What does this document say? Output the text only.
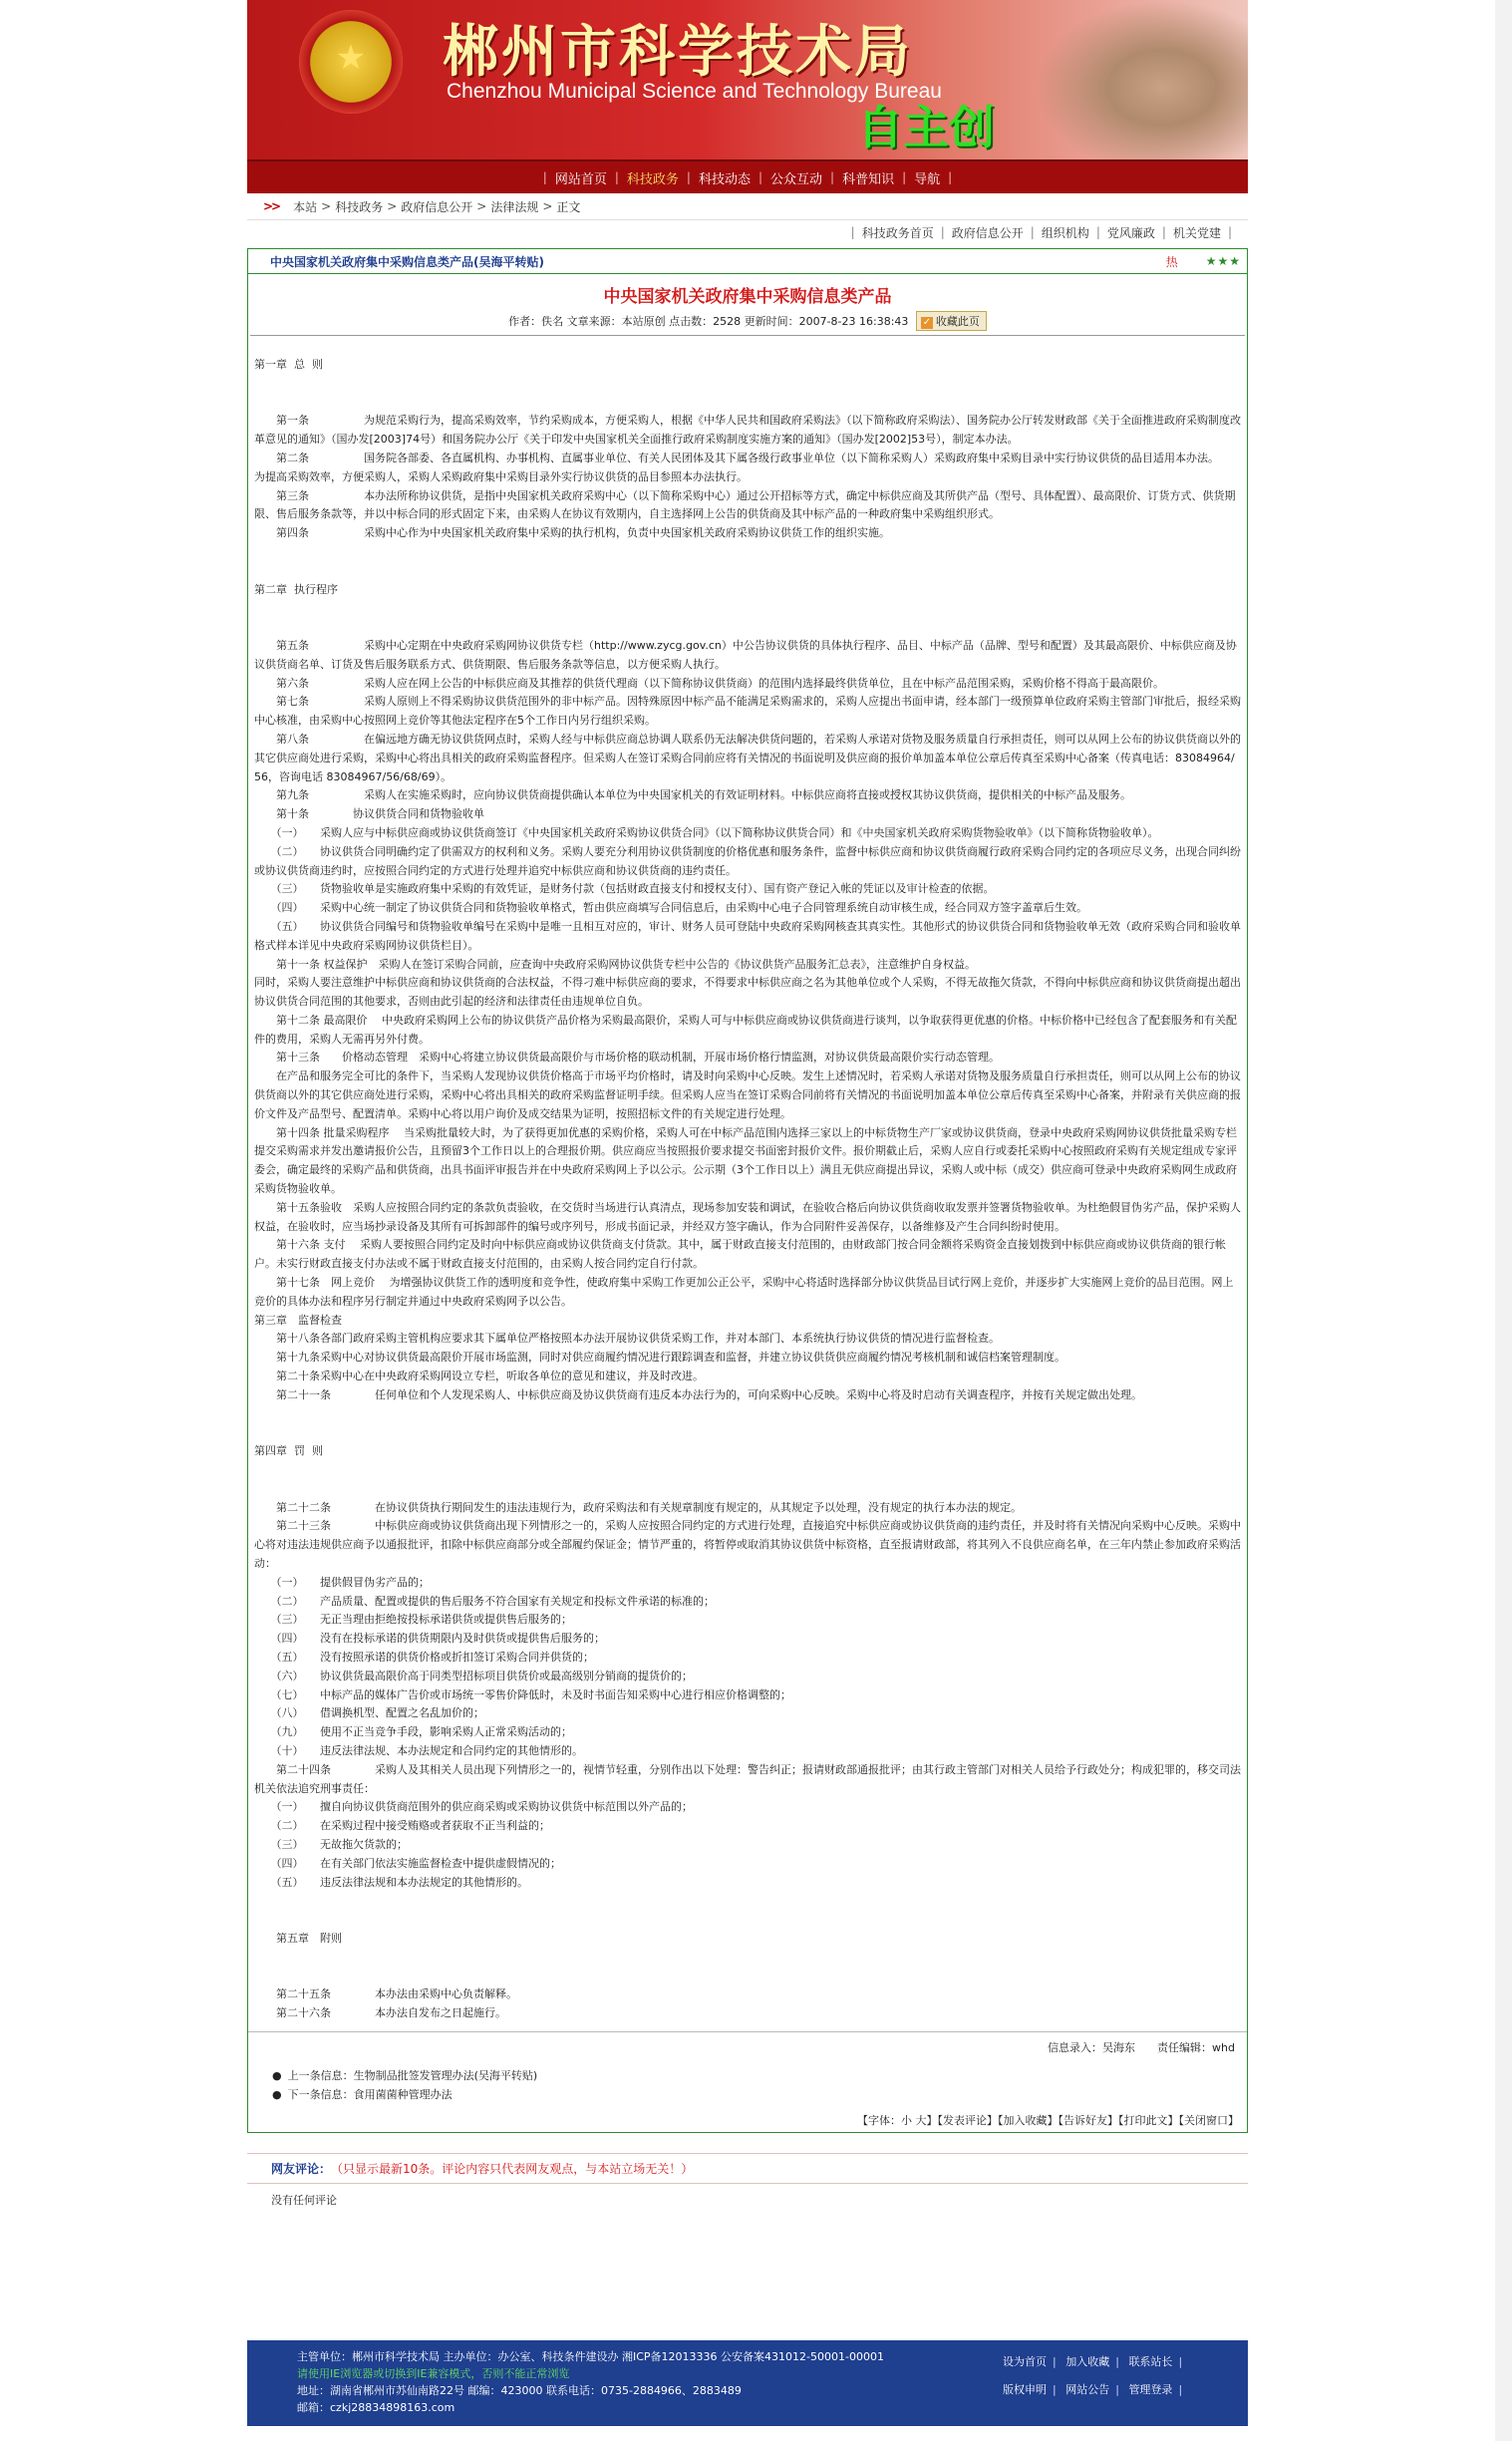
★	郴州市科学技术局
Chenzhou Municipal Science and Technology Bureau
自主创
| 网站首页 | 科技政务 | 科技动态 | 公众互动 | 科普知识 | 导航 |
>> 本站 > 科技政务 > 政府信息公开 > 法律法规 > 正文
| 科技政务首页 | 政府信息公开 | 组织机构 | 党风廉政 | 机关党建 |
中央国家机关政府集中采购信息类产品(吴海平转贴)	热 ★★★
中央国家机关政府集中采购信息类产品
作者：佚名 文章来源：本站原创 点击数：2528 更新时间：2007-8-23 16:38:43 ✓ 收藏此页

第一章  总  则

　　第一条　　　　　为规范采购行为，提高采购效率，节约采购成本，方便采购人，根据《中华人民共和国政府采购法》（以下简称政府采购法）、国务院办公厅转发财政部《关于全面推进政府采购制度改革意见的通知》（国办发[2003]74号）和国务院办公厅《关于印发中央国家机关全面推行政府采购制度实施方案的通知》（国办发[2002]53号），制定本办法。

　　第二条　　　　　国务院各部委、各直属机构、办事机构、直属事业单位、有关人民团体及其下属各级行政事业单位（以下简称采购人）采购政府集中采购目录中实行协议供货的品目适用本办法。

为提高采购效率，方便采购人，采购人采购政府集中采购目录外实行协议供货的品目参照本办法执行。

　　第三条　　　　　本办法所称协议供货，是指中央国家机关政府采购中心（以下简称采购中心）通过公开招标等方式，确定中标供应商及其所供产品（型号、具体配置）、最高限价、订货方式、供货期限、售后服务条款等，并以中标合同的形式固定下来，由采购人在协议有效期内，自主选择网上公告的供货商及其中标产品的一种政府集中采购组织形式。

　　第四条　　　　　采购中心作为中央国家机关政府集中采购的执行机构，负责中央国家机关政府采购协议供货工作的组织实施。

第二章  执行程序

　　第五条　　　　　采购中心定期在中央政府采购网协议供货专栏（http://www.zycg.gov.cn）中公告协议供货的具体执行程序、品目、中标产品（品牌、型号和配置）及其最高限价、中标供应商及协议供货商名单、订货及售后服务联系方式、供货期限、售后服务条款等信息，以方便采购人执行。

　　第六条　　　　　采购人应在网上公告的中标供应商及其推荐的供货代理商（以下简称协议供货商）的范围内选择最终供货单位，且在中标产品范围采购，采购价格不得高于最高限价。

　　第七条　　　　　采购人原则上不得采购协议供货范围外的非中标产品。因特殊原因中标产品不能满足采购需求的，采购人应提出书面申请，经本部门一级预算单位政府采购主管部门审批后，报经采购中心核准，由采购中心按照网上竞价等其他法定程序在5个工作日内另行组织采购。

　　第八条　　　　　在偏远地方确无协议供货网点时，采购人经与中标供应商总协调人联系仍无法解决供货问题的，若采购人承诺对货物及服务质量自行承担责任，则可以从网上公布的协议供货商以外的其它供应商处进行采购，采购中心将出具相关的政府采购监督程序。但采购人在签订采购合同前应将有关情况的书面说明及供应商的报价单加盖本单位公章后传真至采购中心备案（传真电话：83084964/56，咨询电话 83084967/56/68/69）。

　　第九条　　　　　采购人在实施采购时，应向协议供货商提供确认本单位为中央国家机关的有效证明材料。中标供应商将直接或授权其协议供货商，提供相关的中标产品及服务。

　　第十条　　　　协议供货合同和货物验收单

　　（一）　　采购人应与中标供应商或协议供货商签订《中央国家机关政府采购协议供货合同》（以下简称协议供货合同）和《中央国家机关政府采购货物验收单》（以下简称货物验收单）。

　　（二）　　协议供货合同明确约定了供需双方的权利和义务。采购人要充分利用协议供货制度的价格优惠和服务条件，监督中标供应商和协议供货商履行政府采购合同约定的各项应尽义务，出现合同纠纷或协议供货商违约时，应按照合同约定的方式进行处理并追究中标供应商和协议供货商的违约责任。

　　（三）　　货物验收单是实施政府集中采购的有效凭证，是财务付款（包括财政直接支付和授权支付）、国有资产登记入帐的凭证以及审计检查的依据。

　　（四）　　采购中心统一制定了协议供货合同和货物验收单格式，暂由供应商填写合同信息后，由采购中心电子合同管理系统自动审核生成，经合同双方签字盖章后生效。

　　（五）　　协议供货合同编号和货物验收单编号在采购中是唯一且相互对应的，审计、财务人员可登陆中央政府采购网核查其真实性。其他形式的协议供货合同和货物验收单无效（政府采购合同和验收单格式样本详见中央政府采购网协议供货栏目）。

　　第十一条 权益保护　采购人在签订采购合同前，应查询中央政府采购网协议供货专栏中公告的《协议供货产品服务汇总表》，注意维护自身权益。

同时，采购人要注意维护中标供应商和协议供货商的合法权益，不得刁难中标供应商的要求，不得要求中标供应商之名为其他单位或个人采购，不得无故拖欠货款，不得向中标供应商和协议供货商提出超出协议供货合同范围的其他要求，否则由此引起的经济和法律责任由违规单位自负。

　　第十二条 最高限价　 中央政府采购网上公布的协议供货产品价格为采购最高限价，采购人可与中标供应商或协议供货商进行谈判，以争取获得更优惠的价格。中标价格中已经包含了配套服务和有关配件的费用，采购人无需再另外付费。

　　第十三条　　价格动态管理　采购中心将建立协议供货最高限价与市场价格的联动机制，开展市场价格行情监测，对协议供货最高限价实行动态管理。

　　在产品和服务完全可比的条件下，当采购人发现协议供货价格高于市场平均价格时，请及时向采购中心反映。发生上述情况时，若采购人承诺对货物及服务质量自行承担责任，则可以从网上公布的协议供货商以外的其它供应商处进行采购，采购中心将出具相关的政府采购监督证明手续。但采购人应当在签订采购合同前将有关情况的书面说明加盖本单位公章后传真至采购中心备案，并附录有关供应商的报价文件及产品型号、配置清单。采购中心将以用户询价及成交结果为证明，按照招标文件的有关规定进行处理。

　　第十四条 批量采购程序　 当采购批量较大时，为了获得更加优惠的采购价格，采购人可在中标产品范围内选择三家以上的中标货物生产厂家或协议供货商，登录中央政府采购网协议供货批量采购专栏提交采购需求并发出邀请报价公告，且预留3个工作日以上的合理报价期。供应商应当按照报价要求提交书面密封报价文件。报价期截止后，采购人应自行或委托采购中心按照政府采购有关规定组成专家评委会，确定最终的采购产品和供货商，出具书面评审报告并在中央政府采购网上予以公示。公示期（3个工作日以上）满且无供应商提出异议，采购人或中标（成交）供应商可登录中央政府采购网生成政府采购货物验收单。

　　第十五条验收　采购人应按照合同约定的条款负责验收，在交货时当场进行认真清点，现场参加安装和调试，在验收合格后向协议供货商收取发票并签署货物验收单。为杜绝假冒伪劣产品，保护采购人权益，在验收时，应当场抄录设备及其所有可拆卸部件的编号或序列号，形成书面记录，并经双方签字确认，作为合同附件妥善保存，以备维修及产生合同纠纷时使用。

　　第十六条 支付　 采购人要按照合同约定及时向中标供应商或协议供货商支付货款。其中，属于财政直接支付范围的，由财政部门按合同金额将采购资金直接划拨到中标供应商或协议供货商的银行帐户。未实行财政直接支付办法或不属于财政直接支付范围的，由采购人按合同约定自行付款。

　　第十七条　网上竞价　 为增强协议供货工作的透明度和竞争性，使政府集中采购工作更加公正公平，采购中心将适时选择部分协议供货品目试行网上竞价，并逐步扩大实施网上竞价的品目范围。网上竞价的具体办法和程序另行制定并通过中央政府采购网予以公告。

第三章　监督检查

　　第十八条各部门政府采购主管机构应要求其下属单位严格按照本办法开展协议供货采购工作，并对本部门、本系统执行协议供货的情况进行监督检查。

　　第十九条采购中心对协议供货最高限价开展市场监测，同时对供应商履约情况进行跟踪调查和监督，并建立协议供货供应商履约情况考核机制和诚信档案管理制度。

　　第二十条采购中心在中央政府采购网设立专栏，听取各单位的意见和建议，并及时改进。

　　第二十一条　　　　任何单位和个人发现采购人、中标供应商及协议供货商有违反本办法行为的，可向采购中心反映。采购中心将及时启动有关调查程序，并按有关规定做出处理。

第四章  罚  则

　　第二十二条　　　　在协议供货执行期间发生的违法违规行为，政府采购法和有关规章制度有规定的，从其规定予以处理，没有规定的执行本办法的规定。

　　第二十三条　　　　中标供应商或协议供货商出现下列情形之一的，采购人应按照合同约定的方式进行处理，直接追究中标供应商或协议供货商的违约责任，并及时将有关情况向采购中心反映。采购中心将对违法违规供应商予以通报批评，扣除中标供应商部分或全部履约保证金；情节严重的，将暂停或取消其协议供货中标资格，直至报请财政部，将其列入不良供应商名单，在三年内禁止参加政府采购活动：

　　（一）　　提供假冒伪劣产品的；

　　（二）　　产品质量、配置或提供的售后服务不符合国家有关规定和投标文件承诺的标准的；

　　（三）　　无正当理由拒绝按投标承诺供货或提供售后服务的；

　　（四）　　没有在投标承诺的供货期限内及时供货或提供售后服务的；

　　（五）　　没有按照承诺的供货价格或折扣签订采购合同并供货的；

　　（六）　　协议供货最高限价高于同类型招标项目供货价或最高级别分销商的提货价的；

　　（七）　　中标产品的媒体广告价或市场统一零售价降低时，未及时书面告知采购中心进行相应价格调整的；

　　（八）　　借调换机型、配置之名乱加价的；

　　（九）　　使用不正当竞争手段，影响采购人正常采购活动的；

　　（十）　　违反法律法规、本办法规定和合同约定的其他情形的。

　　第二十四条　　　　采购人及其相关人员出现下列情形之一的，视情节轻重，分别作出以下处理：警告纠正；报请财政部通报批评；由其行政主管部门对相关人员给予行政处分；构成犯罪的，移交司法机关依法追究刑事责任：

　　（一）　　擅自向协议供货商范围外的供应商采购或采购协议供货中标范围以外产品的；

　　（二）　　在采购过程中接受贿赂或者获取不正当利益的；

　　（三）　　无故拖欠货款的；

　　（四）　　在有关部门依法实施监督检查中提供虚假情况的；

　　（五）　　违反法律法规和本办法规定的其他情形的。

　　第五章　附则

　　第二十五条　　　　本办法由采购中心负责解释。

　　第二十六条　　　　本办法自发布之日起施行。

信息录入：吴海东　　责任编辑：whd
● 上一条信息：生物制品批签发管理办法(吴海平转贴)
● 下一条信息：食用菌菌种管理办法
【字体：小 大】【发表评论】【加入收藏】【告诉好友】【打印此文】【关闭窗口】
网友评论： （只显示最新10条。评论内容只代表网友观点，与本站立场无关！）
没有任何评论
主管单位：郴州市科学技术局 主办单位：办公室、科技条件建设办 湘ICP备12013336 公安备案431012-50001-00001
请使用IE浏览器或切换到IE兼容模式，否则不能正常浏览
地址：湖南省郴州市苏仙南路22号 邮编：423000 联系电话：0735-2884966、2883489
邮箱：czkj28834898163.com
设为首页 | 加入收藏 | 联系站长 |
版权申明 | 网站公告 | 管理登录 |
